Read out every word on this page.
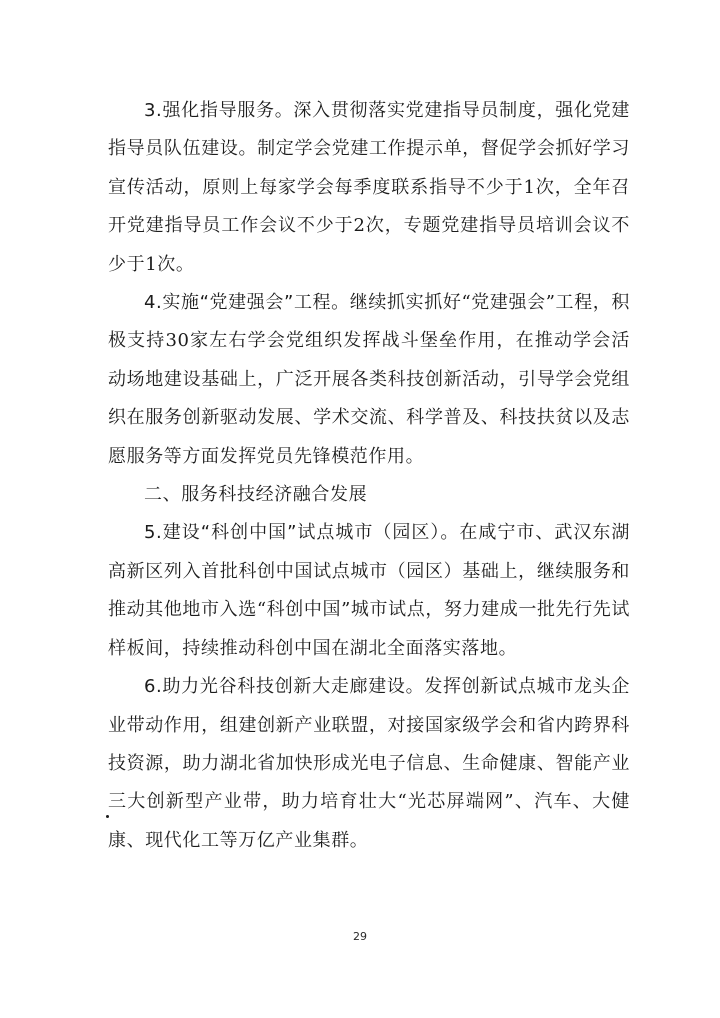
3.强化指导服务。深入贯彻落实党建指导员制度，强化党建指导员队伍建设。制定学会党建工作提示单，督促学会抓好学习宣传活动，原则上每家学会每季度联系指导不少于1次，全年召开党建指导员工作会议不少于2次，专题党建指导员培训会议不少于1次。

4.实施“党建强会”工程。继续抓实抓好“党建强会”工程，积极支持30家左右学会党组织发挥战斗堡垒作用，在推动学会活动场地建设基础上，广泛开展各类科技创新活动，引导学会党组织在服务创新驱动发展、学术交流、科学普及、科技扶贫以及志愿服务等方面发挥党员先锋模范作用。

二、服务科技经济融合发展

5.建设“科创中国”试点城市（园区）。在咸宁市、武汉东湖高新区列入首批科创中国试点城市（园区）基础上，继续服务和推动其他地市入选“科创中国”城市试点，努力建成一批先行先试样板间，持续推动科创中国在湖北全面落实落地。

6.助力光谷科技创新大走廊建设。发挥创新试点城市龙头企业带动作用，组建创新产业联盟，对接国家级学会和省内跨界科技资源，助力湖北省加快形成光电子信息、生命健康、智能产业三大创新型产业带，助力培育壮大“光芯屏端网”、汽车、大健康、现代化工等万亿产业集群。

29
